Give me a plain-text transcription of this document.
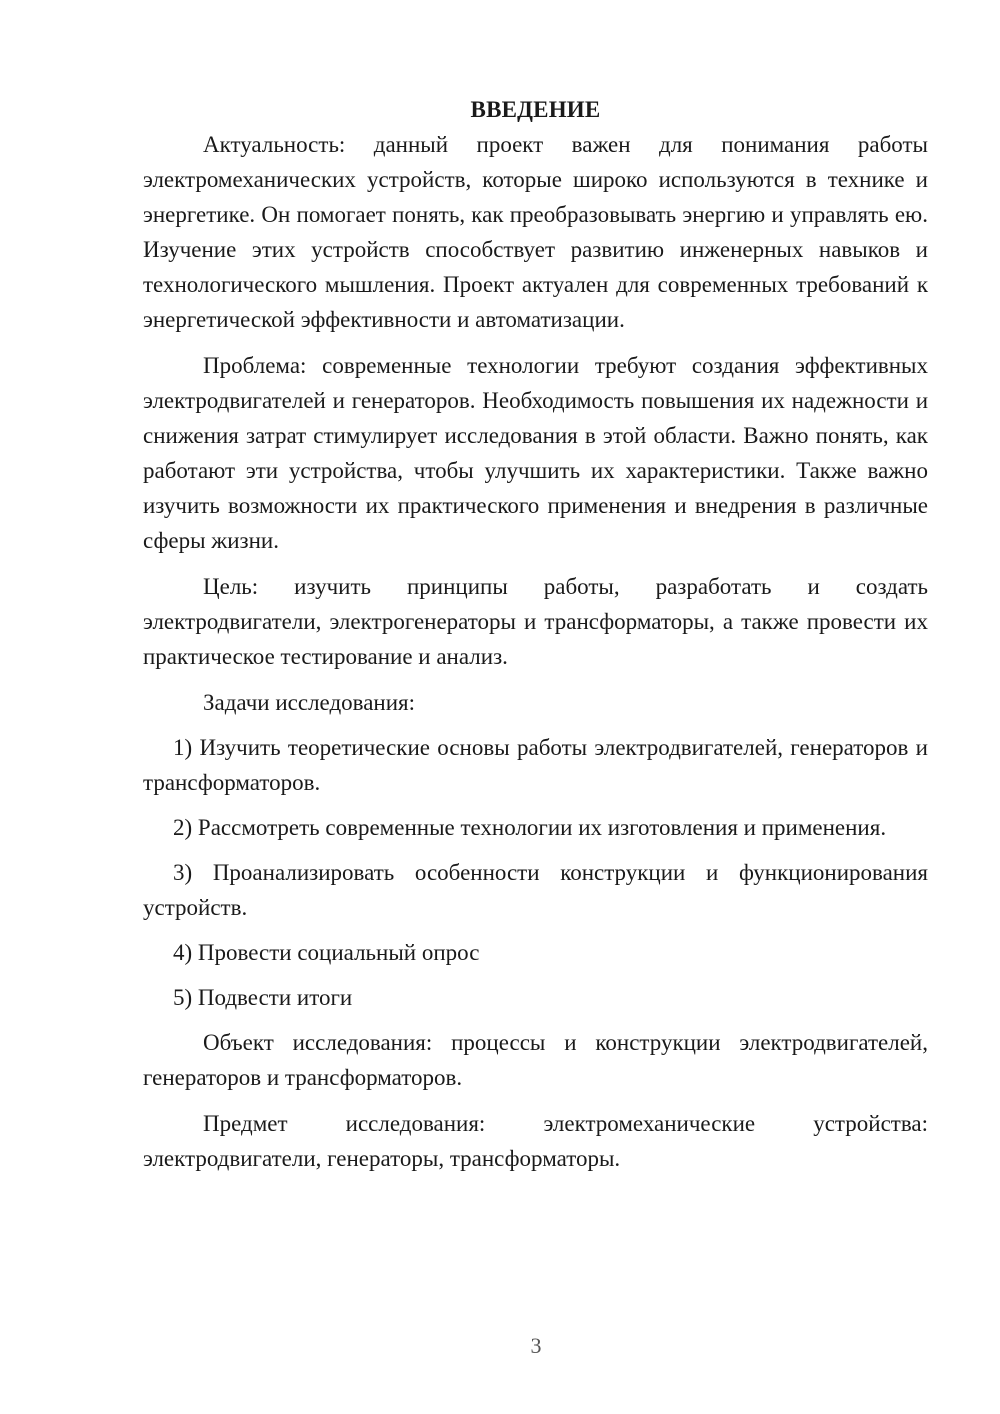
ВВЕДЕНИЕ

Актуальность: данный проект важен для понимания работы электромеханических устройств, которые широко используются в технике и энергетике. Он помогает понять, как преобразовывать энергию и управлять ею. Изучение этих устройств способствует развитию инженерных навыков и технологического мышления. Проект актуален для современных требований к энергетической эффективности и автоматизации.

Проблема: современные технологии требуют создания эффективных электродвигателей и генераторов. Необходимость повышения их надежности и снижения затрат стимулирует исследования в этой области. Важно понять, как работают эти устройства, чтобы улучшить их характеристики. Также важно изучить возможности их практического применения и внедрения в различные сферы жизни.

Цель: изучить принципы работы, разработать и создать электродвигатели, электрогенераторы и трансформаторы, а также провести их практическое тестирование и анализ.

Задачи исследования:

1) Изучить теоретические основы работы электродвигателей, генераторов и трансформаторов.

2) Рассмотреть современные технологии их изготовления и применения.

3) Проанализировать особенности конструкции и функционирования устройств.

4) Провести социальный опрос

5) Подвести итоги

Объект исследования: процессы и конструкции электродвигателей, генераторов и трансформаторов.

Предмет исследования: электромеханические устройства: электродвигатели, генераторы, трансформаторы.

3
